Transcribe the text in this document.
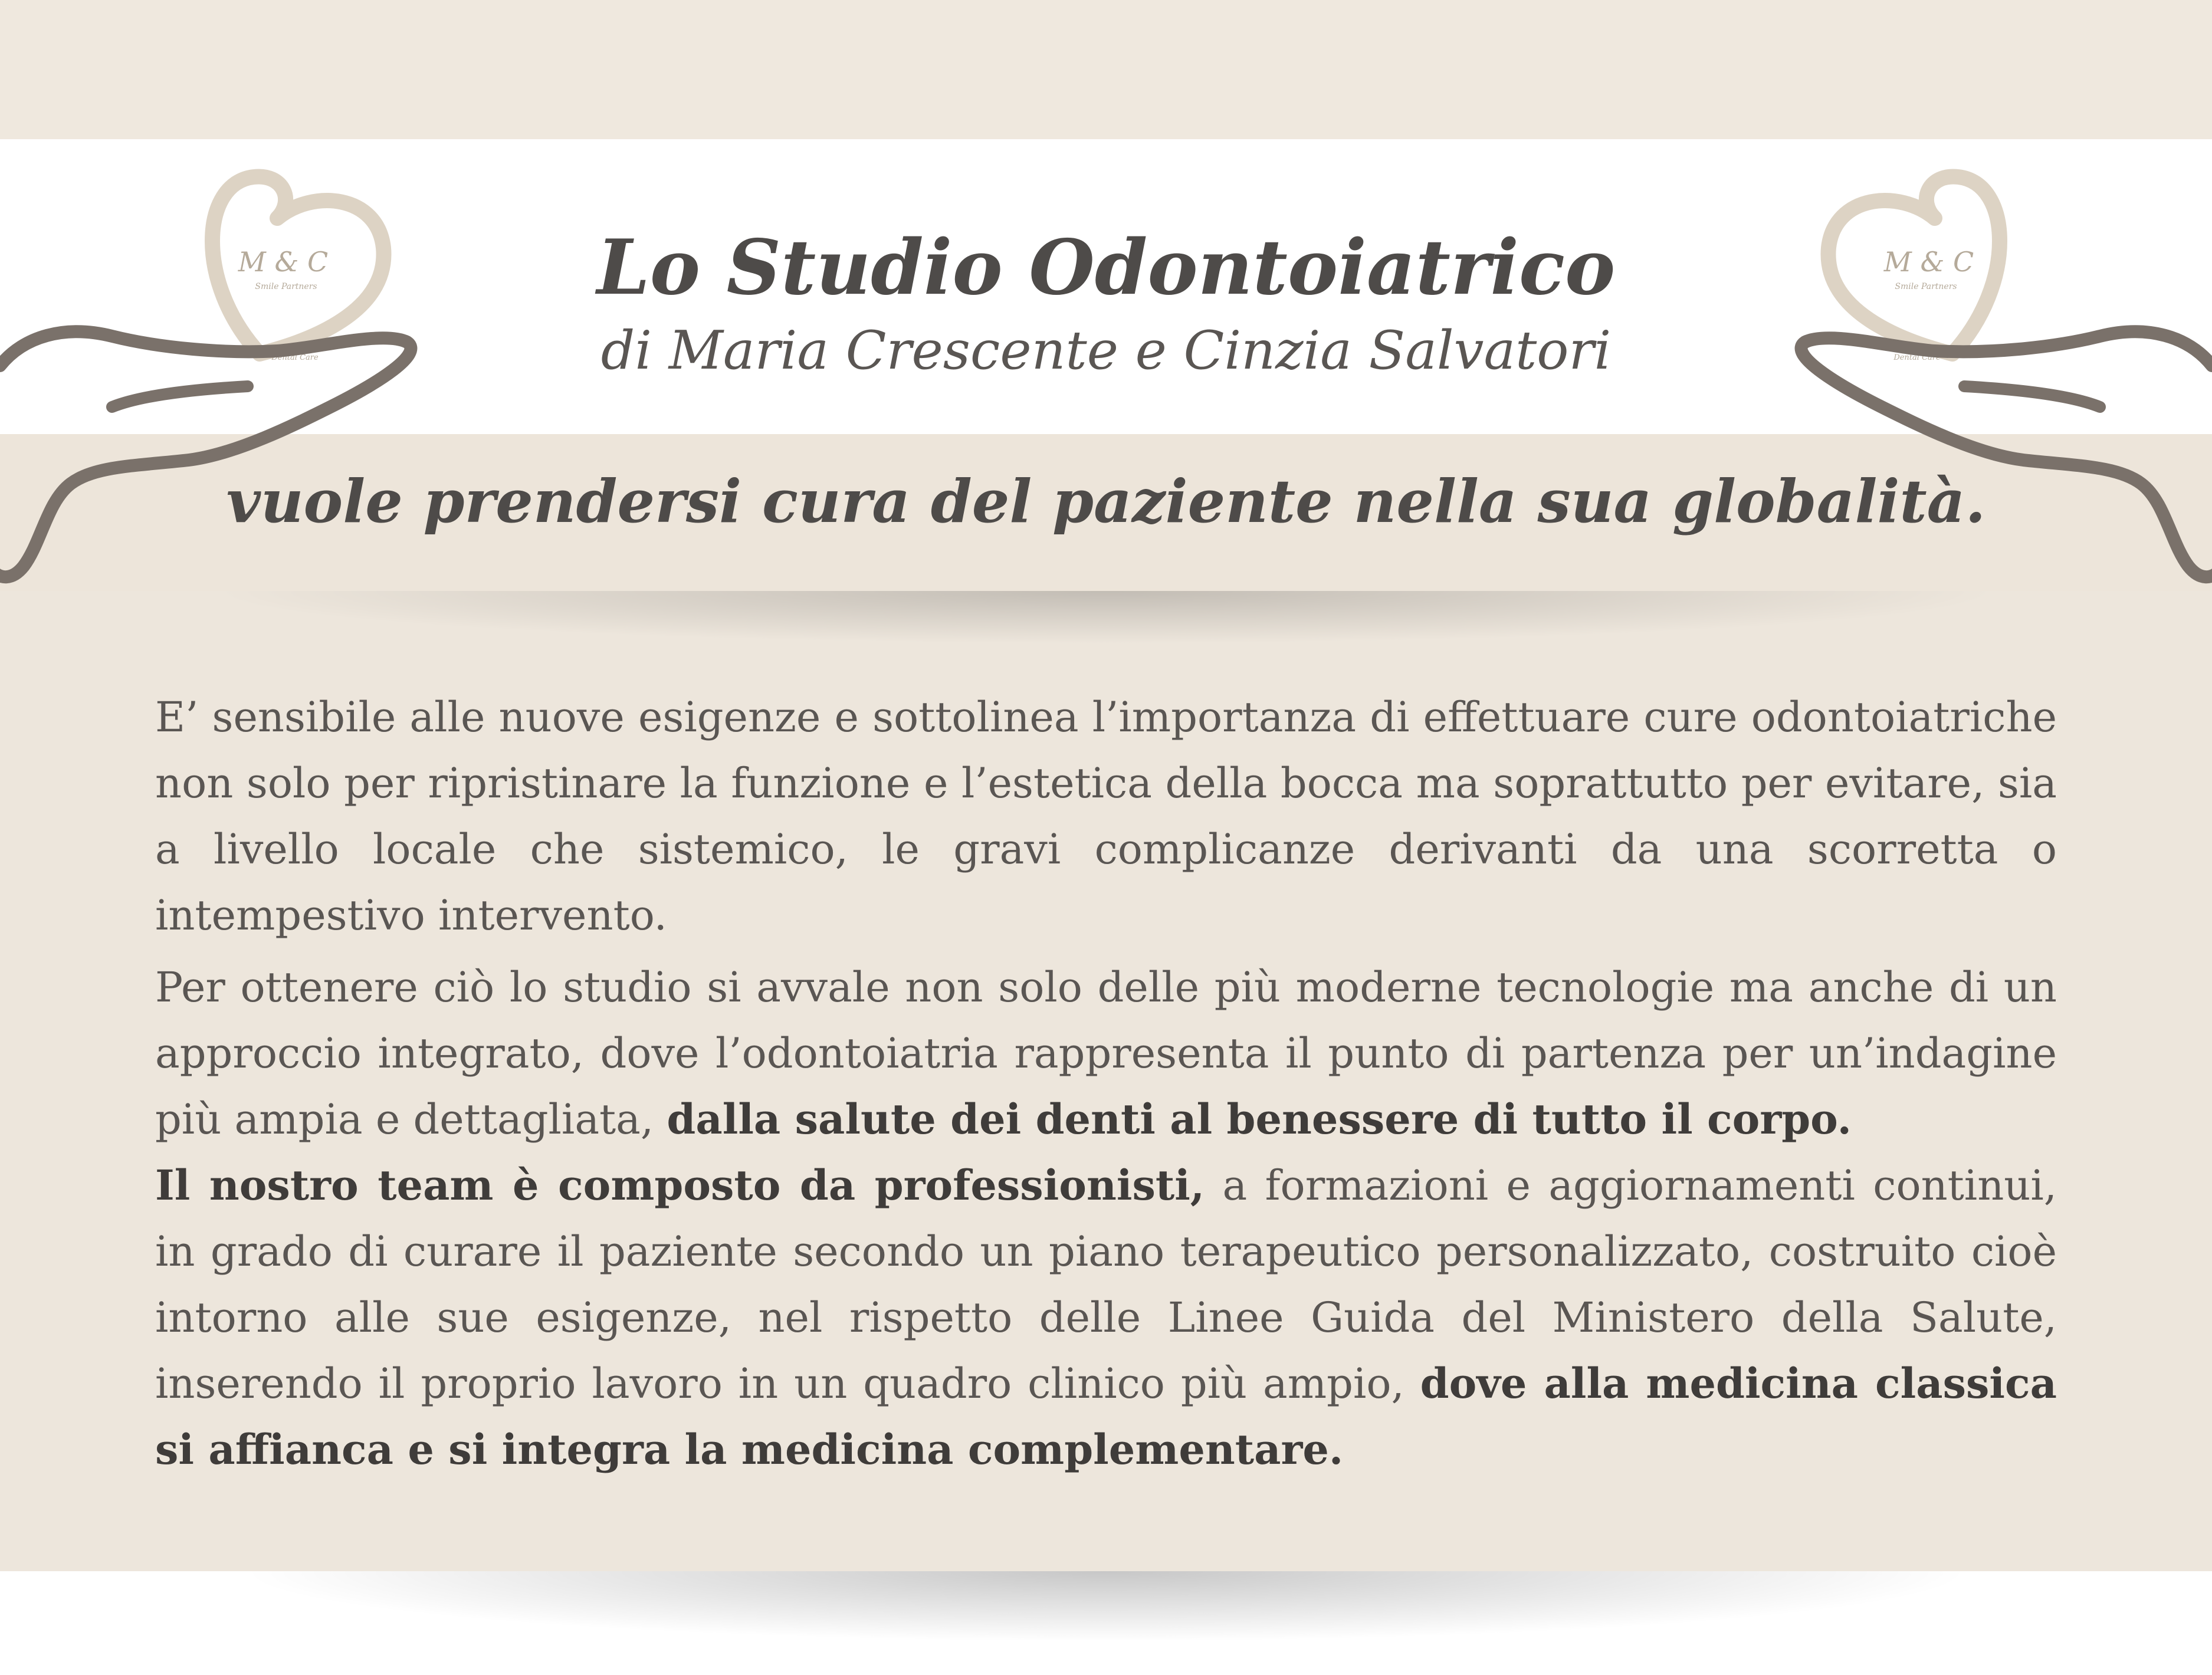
M & C
Smile Partners
Dental Care
M & C
Smile Partners
Dental Care
Lo Studio Odontoiatrico
di Maria Crescente e Cinzia Salvatori
vuole prendersi cura del paziente nella sua globalità.

E’ sensibile alle nuove esigenze e sottolinea l’importanza di effettuare cure odontoiatriche non solo per ripristinare la funzione e l’estetica della bocca ma soprattutto per evitare, sia a livello locale che sistemico, le gravi complicanze derivanti da una scorretta o intempestivo intervento.

Per ottenere ciò lo studio si avvale non solo delle più moderne tecnologie ma anche di un approccio integrato, dove l’odontoiatria rappresenta il punto di partenza per un’indagine più ampia e dettagliata, dalla salute dei denti al benessere di tutto il corpo.
Il nostro team è composto da professionisti, a formazioni e aggiornamenti continui, in grado di curare il paziente secondo un piano terapeutico personalizzato, costruito cioè intorno alle sue esigenze, nel rispetto delle Linee Guida del Ministero della Salute, inserendo il proprio lavoro in un quadro clinico più ampio, dove alla medicina classica si affianca e si integra la medicina complementare.
